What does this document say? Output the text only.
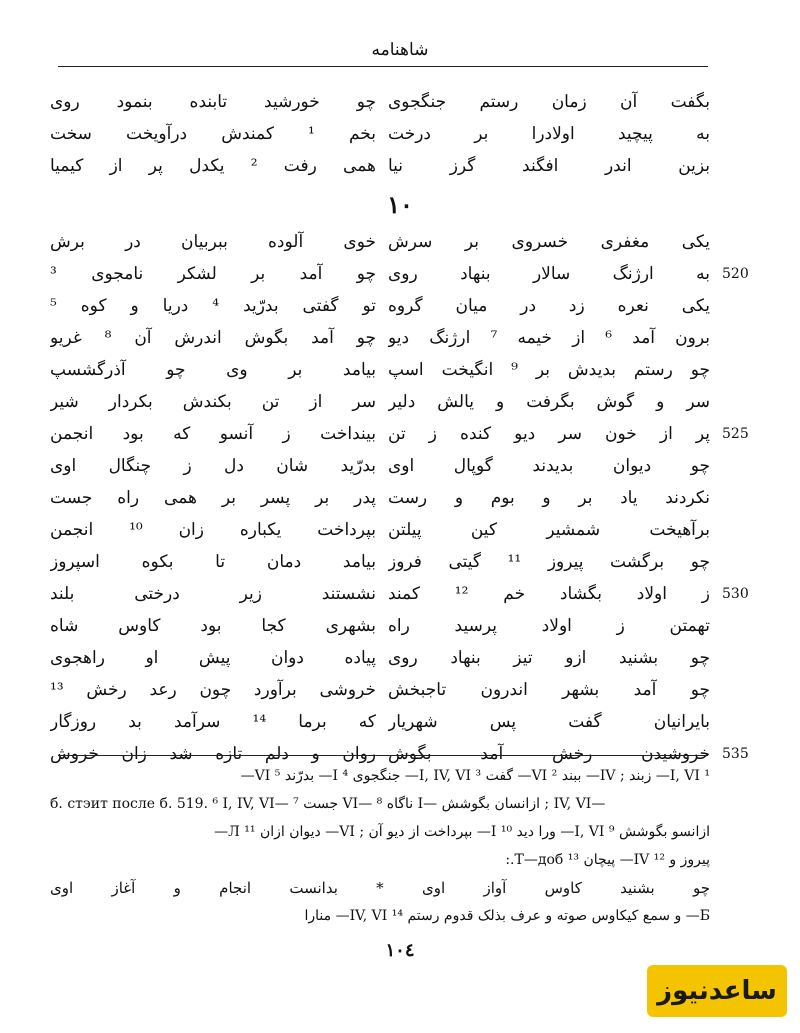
شاهنامه
بگفت آن زمان رستم جنگجوی
چو خورشید تابنده بنمود روی
به پیچید اولادرا بر درخت
بخم ¹ کمندش درآویخت سخت
بزین اندر افگند گرز نیا
همی رفت ² یکدل پر از کیمیا
۱۰
یکی مغفری خسروی بر سرش
خوی آلوده ببربیان در برش
به ارژنگ سالار بنهاد روی
چو آمد بر لشکر نامجوی ³	520
یکی نعره زد در میان گروه
تو گفتی بدرّید ⁴ دریا و کوه ⁵
برون آمد ⁶ از خیمه ⁷ ارژنگ دیو
چو آمد بگوش اندرش آن ⁸ غریو
چو رستم بدیدش بر ⁹ انگیخت اسپ
بیامد بر وی چو آذرگشسپ
سر و گوش بگرفت و یالش دلیر
سر از تن بکندش بکردار شیر
پر از خون سر دیو کنده ز تن
بینداخت ز آنسو که بود انجمن	525
چو دیوان بدیدند گوپال اوی
بدرّید شان دل ز چنگال اوی
نکردند یاد بر و بوم و رست
پدر بر پسر بر همی راه جست
برآهیخت شمشیر کین پیلتن
بپرداخت یکباره زان ¹⁰ انجمن
چو برگشت پیروز ¹¹ گیتی فروز
بیامد دمان تا بکوه اسپروز
ز اولاد بگشاد خم ¹² کمند
نشستند زیر درختی بلند	530
تهمتن ز اولاد پرسید راه
بشهری کجا بود کاوس شاه
چو بشنید ازو تیز بنهاد روی
پیاده دوان پیش او راهجوی
چو آمد بشهر اندرون تاجبخش
خروشی برآورد چون رعد رخش ¹³
بایرانیان گفت پس شهریار
که برما ¹⁴ سرآمد بد روزگار
خروشیدن رخش آمد بگوش
روان و دلم تازه شد زان خروش	535
¹ I, VI— زبند ; IV— ببند ² VI— گفت ³ I, IV, VI— جنگجوی ⁴ I— بدرّند ⁵ VI—
б. стэит после б. 519. ⁶ I, IV, VI— جست ⁷ VI— ناگاه ⁸ I— ازانسان بگوشش ; IV, VI—
ازانسو بگوشش ⁹ I, VI— ورا دید ¹⁰ I— بپرداخت از دیو آن ; VI— دیوان ازان ¹¹ Л—
پیروز و ¹² IV— پیچان ¹³ T—доб.:
چو بشنید کاوس آواز اوی * بدانست انجام و آغاز اوی
Б— و سمع کیکاوس صوته و عرف بذلک قدوم رستم ¹⁴ IV, VI— منارا
۱۰٤
ساعدنیوز
